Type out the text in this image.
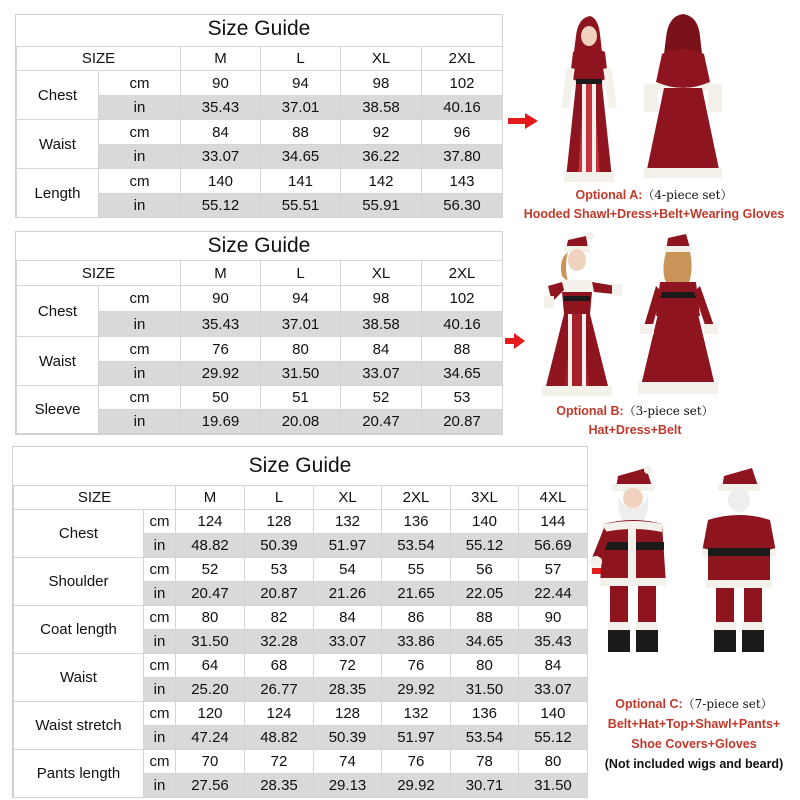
Size Guide
SIZE		M	L	XL	2XL
Chest	cm	90	94	98	102
	in	35.43	37.01	38.58	40.16
Waist	cm	84	88	92	96
	in	33.07	34.65	36.22	37.80
Length	cm	140	141	142	143
	in	55.12	55.51	55.91	56.30
Size Guide
SIZE		M	L	XL	2XL
Chest	cm	90	94	98	102
	in	35.43	37.01	38.58	40.16
Waist	cm	76	80	84	88
	in	29.92	31.50	33.07	34.65
Sleeve	cm	50	51	52	53
	in	19.69	20.08	20.47	20.87
Size Guide
SIZE		M	L	XL	2XL	3XL	4XL
Chest	cm	124	128	132	136	140	144
	in	48.82	50.39	51.97	53.54	55.12	56.69
Shoulder	cm	52	53	54	55	56	57
	in	20.47	20.87	21.26	21.65	22.05	22.44
Coat length	cm	80	82	84	86	88	90
	in	31.50	32.28	33.07	33.86	34.65	35.43
Waist	cm	64	68	72	76	80	84
	in	25.20	26.77	28.35	29.92	31.50	33.07
Waist stretch	cm	120	124	128	132	136	140
	in	47.24	48.82	50.39	51.97	53.54	55.12
Pants length	cm	70	72	74	76	78	80
	in	27.56	28.35	29.13	29.92	30.71	31.50
Optional A:（4-piece set）
Hooded Shawl+Dress+Belt+Wearing Gloves
Optional B:（3-piece set）
Hat+Dress+Belt
Optional C:（7-piece set）
Belt+Hat+Top+Shawl+Pants+
Shoe Covers+Gloves
(Not included wigs and beard)
